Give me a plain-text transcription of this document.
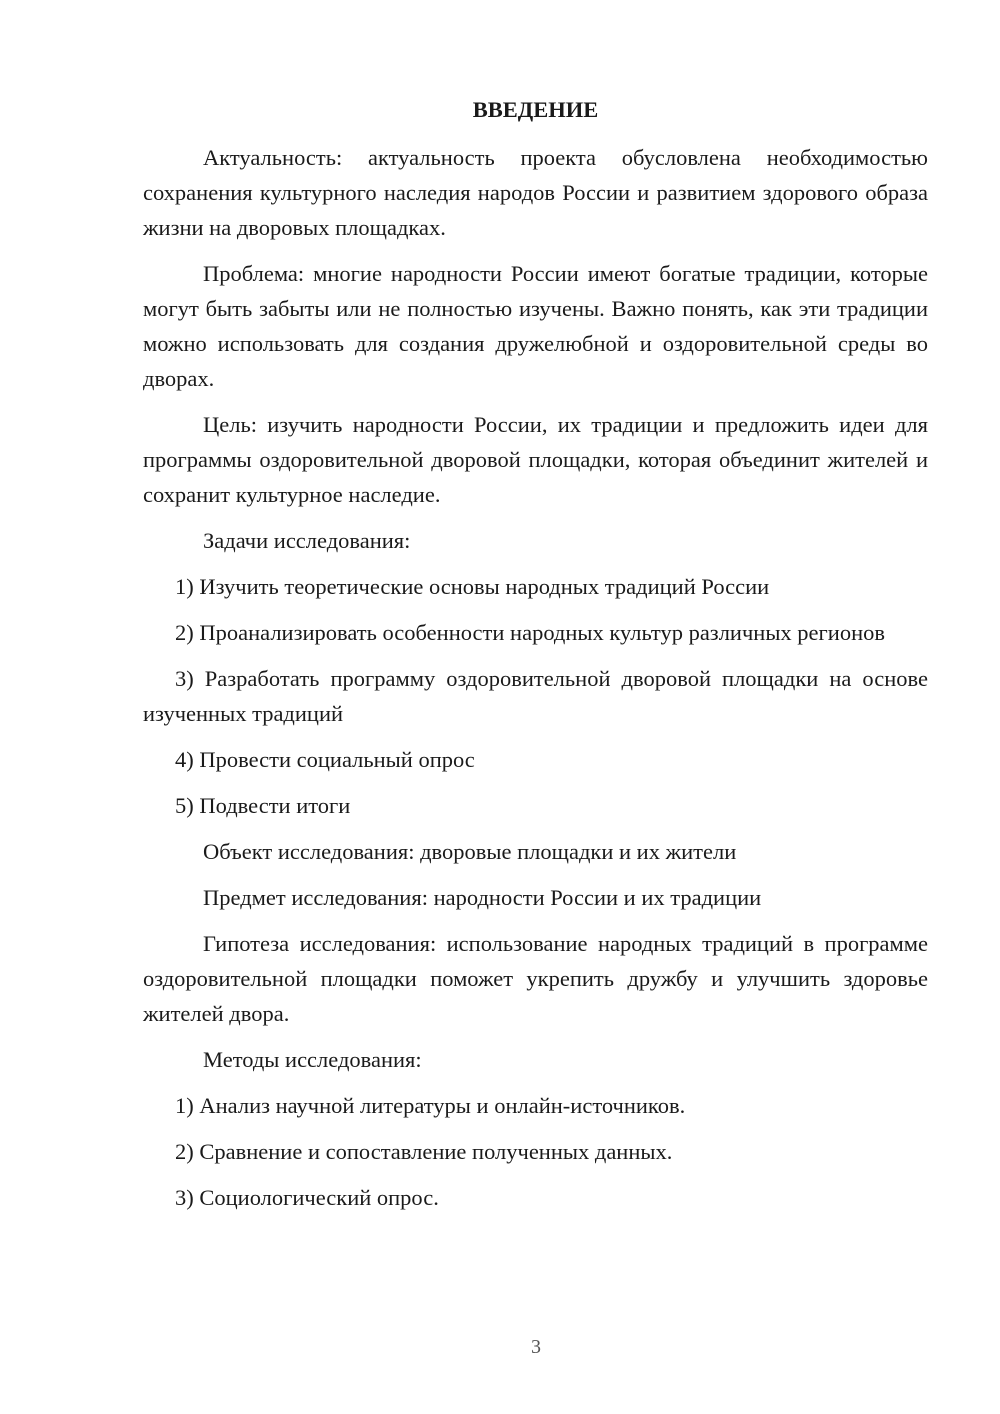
ВВЕДЕНИЕ

Актуальность: актуальность проекта обусловлена необходимостью сохранения культурного наследия народов России и развитием здорового образа жизни на дворовых площадках.

Проблема: многие народности России имеют богатые традиции, которые могут быть забыты или не полностью изучены. Важно понять, как эти традиции можно использовать для создания дружелюбной и оздоровительной среды во дворах.

Цель: изучить народности России, их традиции и предложить идеи для программы оздоровительной дворовой площадки, которая объединит жителей и сохранит культурное наследие.

Задачи исследования:

1) Изучить теоретические основы народных традиций России

2) Проанализировать особенности народных культур различных регионов

3) Разработать программу оздоровительной дворовой площадки на основе изученных традиций

4) Провести социальный опрос

5) Подвести итоги

Объект исследования: дворовые площадки и их жители

Предмет исследования: народности России и их традиции

Гипотеза исследования: использование народных традиций в программе оздоровительной площадки поможет укрепить дружбу и улучшить здоровье жителей двора.

Методы исследования:

1) Анализ научной литературы и онлайн-источников.

2) Сравнение и сопоставление полученных данных.

3) Социологический опрос.

3
